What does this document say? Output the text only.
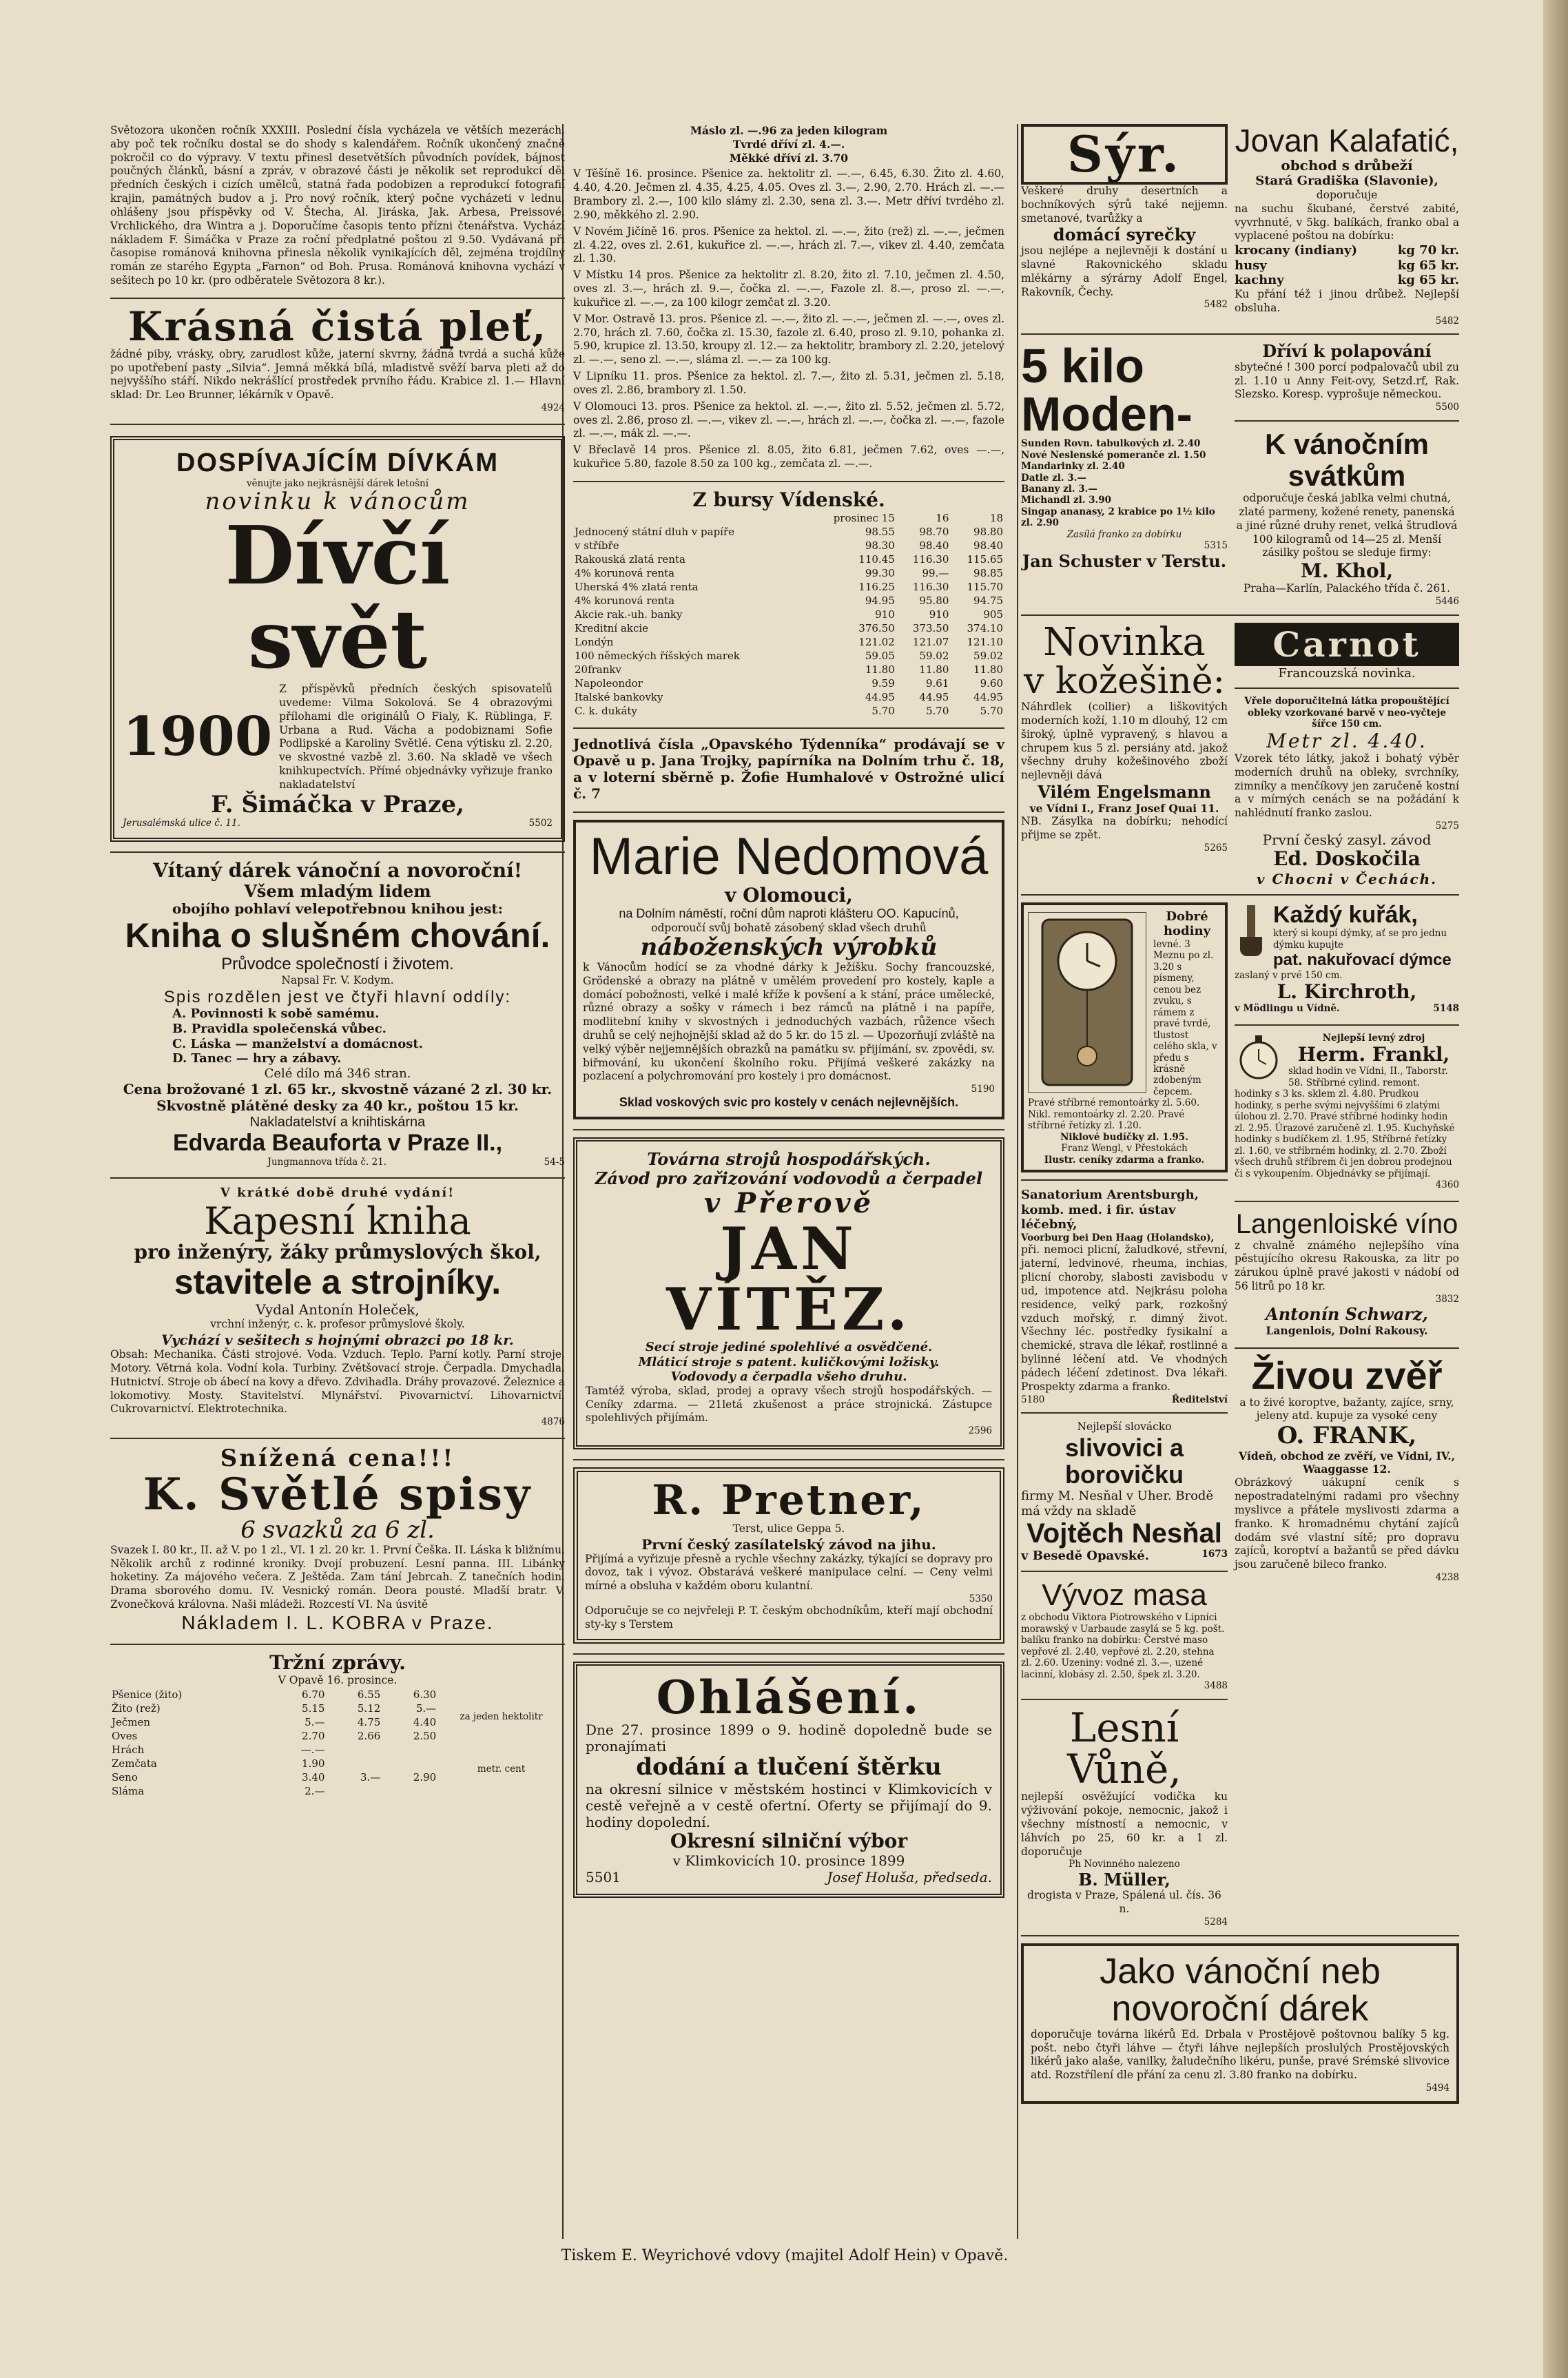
Světozora ukončen ročník XXXIII. Poslední čísla vycházela ve větších mezerách, aby poč tek ročníku dostal se do shody s kalendářem. Ročník ukončený značně pokročil co do výpravy. V textu přinesl desetvětších původních povídek, bájnost poučných článků, básní a zpráv, v obrazové části je několik set reprodukcí děl předních českých i cizích umělců, statná řada podobizen a reprodukcí fotografií krajin, památných budov a j. Pro nový ročník, který počne vycházeti v lednu, ohlášeny jsou příspěvky od V. Štecha, Al. Jiráska, Jak. Arbesa, Preissové, Vrchlického, dra Wintra a j. Doporučíme časopis tento přízni čtenářstva. Vychází nákladem F. Šimáčka v Praze za roční předplatné poštou zl 9.50. Vydávaná při časopise románová knihovna přinesla několik vynikajících děl, zejména trojdílný román ze starého Egypta „Farnon“ od Boh. Prusa. Románová knihovna vychází v sešitech po 10 kr. (pro odběratele Světozora 8 kr.).
Krásná čistá pleť,
žádné piby, vrásky, obry, zarudlost kůže, jaterní skvrny, žádná tvrdá a suchá kůže po upotřebení pasty „Silvia“. Jemná měkká bílá, mladistvě svěží barva pleti až do nejvyššího stáří. Nikdo nekrášlící prostředek prvního řádu. Krabice zl. 1.— Hlavní sklad: Dr. Leo Brunner, lékárník v Opavě.
4924
DOSPÍVAJÍCÍM DÍVKÁM
věnujte jako nejkrásnější dárek letošní
novinku k vánocům
Dívčí svět
1900
Z příspěvků předních českých spisovatelů uvedeme: Vilma Sokolová. Se 4 obrazovými přílohami dle originálů O Fialy, K. Rüblinga, F. Urbana a Rud. Vácha a podobiznami Sofie Podlipské a Karoliny Světlé. Cena výtisku zl. 2.20, ve skvostné vazbě zl. 3.60. Na skladě ve všech knihkupectvích. Přímé objednávky vyřizuje franko nakladatelství
F. Šimáčka v Praze,
Jerusalémská ulice č. 11.	5502
Vítaný dárek vánoční a novoroční!
Všem mladým lidem
obojího pohlaví velepotřebnou knihou jest:
Kniha o slušném chování.
Průvodce společností i životem.
Napsal Fr. V. Kodym.
Spis rozdělen jest ve čtyři hlavní oddíly:
A. Povinnosti k sobě samému.
B. Pravidla společenská vůbec.
C. Láska — manželství a domácnost.
D. Tanec — hry a zábavy.
Celé dílo má 346 stran.
Cena brožované 1 zl. 65 kr., skvostně vázané 2 zl. 30 kr. Skvostně plátěné desky za 40 kr., poštou 15 kr.
Nakladatelství a knihtiskárna
Edvarda Beauforta v Praze II.,
Jungmannova třída č. 21.	54-5
V krátké době druhé vydání!
Kapesní kniha
pro inženýry, žáky průmyslových škol,
stavitele a strojníky.
Vydal Antonín Holeček,
vrchní inženýr, c. k. profesor průmyslové školy.
Vychází v sešitech s hojnými obrazci po 18 kr.
Obsah: Mechanika. Části strojové. Voda. Vzduch. Teplo. Parní kotly. Parní stroje. Motory. Větrná kola. Vodní kola. Turbiny. Zvětšovací stroje. Čerpadla. Dmychadla. Hutnictví. Stroje ob ábecí na kovy a dřevo. Zdvihadla. Dráhy provazové. Železnice a lokomotivy. Mosty. Stavitelství. Mlynářství. Pivovarnictví. Lihovarnictví. Cukrovarnictví. Elektrotechnika.
4876
Snížená cena!!!
K. Světlé spisy
6 svazků za 6 zl.
Svazek I. 80 kr., II. až V. po 1 zl., VI. 1 zl. 20 kr. 1. První Češka. II. Láska k bližnímu. Několik archů z rodinné kroniky. Dvojí probuzení. Lesní panna. III. Libánky hoketiny. Za májového večera. Z Ještěda. Zam tání Jebrcah. Z tanečních hodin. Drama sborového domu. IV. Vesnický román. Deora pousté. Mladší bratr. V. Zvonečková královna. Naši mládeži. Rozcestí VI. Na úsvitě
Nákladem I. L. KOBRA v Praze.
Tržní zprávy.
V Opavě 16. prosince.
Pšenice (žito)	6.70	6.55	6.30
Žito (rež)	5.15	5.12	5.—
Ječmen	5.—	4.75	4.40
Oves	2.70	2.66	2.50
Hrách	—.—		
Zemčata	1.90		
Seno	3.40	3.—	2.90
Sláma	2.—		
za jeden hektolitr
metr. cent
Máslo zl. —.96 za jeden kilogram
Tvrdé dříví zl. 4.—.
Měkké dříví zl. 3.70
V Těšíně 16. prosince. Pšenice za. hektolitr zl. —.—, 6.45, 6.30. Žito zl. 4.60, 4.40, 4.20. Ječmen zl. 4.35, 4.25, 4.05. Oves zl. 3.—, 2.90, 2.70. Hrách zl. —.— Brambory zl. 2.—, 100 kilo slámy zl. 2.30, sena zl. 3.—. Metr dříví tvrdého zl. 2.90, měkkého zl. 2.90.
V Novém Jičíně 16. pros. Pšenice za hektol. zl. —.—, žito (rež) zl. —.—, ječmen zl. 4.22, oves zl. 2.61, kukuřice zl. —.—, hrách zl. 7.—, vikev zl. 4.40, zemčata zl. 1.30.
V Místku 14 pros. Pšenice za hektolitr zl. 8.20, žito zl. 7.10, ječmen zl. 4.50, oves zl. 3.—, hrách zl. 9.—, čočka zl. —.—, Fazole zl. 8.—, proso zl. —.—, kukuřice zl. —.—, za 100 kilogr zemčat zl. 3.20.
V Mor. Ostravě 13. pros. Pšenice zl. —.—, žito zl. —.—, ječmen zl. —.—, oves zl. 2.70, hrách zl. 7.60, čočka zl. 15.30, fazole zl. 6.40, proso zl. 9.10, pohanka zl. 5.90, krupice zl. 13.50, kroupy zl. 12.— za hektolitr, brambory zl. 2.20, jetelový zl. —.—, seno zl. —.—, sláma zl. —.— za 100 kg.
V Lipníku 11. pros. Pšenice za hektol. zl. 7.—, žito zl. 5.31, ječmen zl. 5.18, oves zl. 2.86, brambory zl. 1.50.
V Olomouci 13. pros. Pšenice za hektol. zl. —.—, žito zl. 5.52, ječmen zl. 5.72, oves zl. 2.86, proso zl. —.—, vikev zl. —.—, hrách zl. —.—, čočka zl. —.—, fazole zl. —.—, mák zl. —.—.
V Břeclavě 14 pros. Pšenice zl. 8.05, žito 6.81, ječmen 7.62, oves —.—, kukuřice 5.80, fazole 8.50 za 100 kg., zemčata zl. —.—.
Z bursy Vídenské.
	prosinec 15	16	18
Jednocený státní dluh v papíře	98.55	98.70	98.80
v stříbře	98.30	98.40	98.40
Rakouská zlatá renta	110.45	116.30	115.65
4% korunová renta	99.30	99.—	98.85
Uherská 4% zlatá renta	116.25	116.30	115.70
4% korunová renta	94.95	95.80	94.75
Akcie rak.-uh. banky	910	910	905
Kreditní akcie	376.50	373.50	374.10
Londýn	121.02	121.07	121.10
100 německých říšských marek	59.05	59.02	59.02
20frankv	11.80	11.80	11.80
Napoleondor	9.59	9.61	9.60
Italské bankovky	44.95	44.95	44.95
C. k. dukáty	5.70	5.70	5.70
Jednotlivá čísla „Opavského Týdenníka“ prodávají se v Opavě u p. Jana Trojky, papírníka na Dolním trhu č. 18, a v loterní sběrně p. Žofie Humhalové v Ostrožné ulicí č. 7
Marie Nedomová
v Olomouci,
na Dolním náměstí, roční dům naproti klášteru OO. Kapucínů,
odporoučí svůj bohatě zásobený sklad všech druhů
náboženských výrobků
k Vánocům hodící se za vhodné dárky k Ježíšku. Sochy francouzské, Grödenské a obrazy na plátně v umělém provedení pro kostely, kaple a domácí pobožnosti, velké i malé kříže k povšení a k stání, práce umělecké, různé obrazy a sošky v rámech i bez rámců na plátně i na papíře, modlitební knihy v skvostných i jednoduchých vazbách, růžence všech druhů se celý nejhojnější sklad až do 5 kr. do 15 zl. — Upozorňují zvláště na velký výběr nejjemnějších obrazků na památku sv. přijímání, sv. zpovědi, sv. biřmování, ku ukončení školního roku. Přijímá veškeré zakázky na pozlacení a polychromování pro kostely i pro domácnost.
5190
Sklad voskových svic pro kostely v cenách nejlevnějších.
Továrna strojů hospodářských.
Závod pro zařizování vodovodů a čerpadel
v Přerově
JAN VÍTĚZ.
Secí stroje jediné spolehlivé a osvědčené.
Mláticí stroje s patent. kuličkovými ložisky.
Vodovody a čerpadla všeho druhu.
Tamtéž výroba, sklad, prodej a opravy všech strojů hospodářských. — Ceníky zdarma. — 21letá zkušenost a práce strojnická. Zástupce spolehlivých přijímám.
2596
R. Pretner,
Terst, ulice Geppa 5.
První český zasílatelský závod na jihu.
Přijímá a vyřizuje přesně a rychle všechny zakázky, týkající se dopravy pro dovoz, tak i vývoz. Obstarává veškeré manipulace celní. — Ceny velmi mírné a obsluha v každém oboru kulantní.
5350
Odporučuje se co nejvřeleji P. T. českým obchodníkům, kteří mají obchodní sty-ky s Terstem
Ohlášení.
Dne 27. prosince 1899 o 9. hodině dopoledně bude se pronajímati
dodání a tlučení štěrku
na okresní silnice v městském hostinci v Klimkovicích v cestě veřejně a v cestě ofertní. Oferty se přijímají do 9. hodiny dopolední.
Okresní silniční výbor
v Klimkovicích 10. prosince 1899
5501	Josef Holuša, předseda.
Sýr.
Veškeré druhy desertních a bochníkových sýrů také nejjemn. smetanové, tvarůžky a
domácí syrečky
jsou nejlépe a nejlevněji k dostání u slavné Rakovnického skladu mlékárny a sýrárny Adolf Engel, Rakovník, Čechy.
5482
Jovan Kalafatić,
obchod s drůbeží
Stará Gradiška (Slavonie),
doporučuje
na suchu škubané, čerstvé zabité, vyvrhnuté, v 5kg. balíkách, franko obal a vyplacené poštou na dobírku:
krocany (indiany)	kg 70 kr.
husy	kg 65 kr.
kachny	kg 65 kr.
Ku přání též i jinou drůbež. Nejlepší obsluha.
5482
5 kilo Moden-
Sunden Rovn. tabulkových zl. 2.40
Nové Neslenské pomeranče zl. 1.50
Mandarinky zl. 2.40
Datle zl. 3.—
Banany zl. 3.—
Michandl zl. 3.90
Singap ananasy, 2 krabice po 1½ kilo zl. 2.90
Zasílá franko za dobírku
5315
Jan Schuster v Terstu.
Dříví k polapování
sbytečné ! 300 porcí podpalovačů ubil zu zl. 1.10 u Anny Feit-ovy, Setzd.rf, Rak. Slezsko. Koresp. vyprošuje německou.
5500
K vánočním svátkům
odporučuje česká jablka velmi chutná, zlaté parmeny, kožené renety, panenská a jiné různé druhy renet, velká štrudlová 100 kilogramů od 14—25 zl. Menší zásilky poštou se sleduje firmy:
M. Khol,
Praha—Karlín, Palackého třída č. 261.
5446
Novinka
v kožešině:
Náhrdlek (collier) a liškovitých moderních koží, 1.10 m dlouhý, 12 cm široký, úplně vypravený, s hlavou a chrupem kus 5 zl. persiány atd. jakož všechny druhy kožešinového zboží nejlevněji dává
Vilém Engelsmann
ve Vídni I., Franz Josef Quai 11.
NB. Zásylka na dobírku; nehodící přijme se zpět.
5265
Carnot
Francouzská novinka.
Vřele doporučitelná látka propouštějící obleky vzorkované barvě v neo-vyčteje šířce 150 cm.
Metr zl. 4.40.
Vzorek této látky, jakož i bohatý výběr moderních druhů na obleky, svrchníky, zimníky a menčíkovy jen zaručeně kostní a v mírných cenách se na požádání k nahlédnutí franko zaslou.
5275
První český zasyl. závod
Ed. Doskočila
v Chocni v Čechách.
Dobré hodiny
levné. 3 Meznu po zl. 3.20 s písmeny, cenou bez zvuku, s rámem z pravé tvrdé, tlustost celého skla, v předu s krásně zdobeným čepcem. Pravé stříbrné remontoárky zl. 5.60. Nikl. remontoárky zl. 2.20. Pravé stříbrné řetízky zl. 1.20.
Niklové budíčky zl. 1.95.
Franz Wengl, v Přestokách
Ilustr. ceníky zdarma a franko.
Sanatorium Arentsburgh,
komb. med. i fir. ústav léčebný,
Voorburg bei Den Haag (Holandsko),
při. nemoci plicní, žaludkové, střevní, jaterní, ledvinové, rheuma, inchias, plicní choroby, slabosti zavisbodu v ud, impotence atd. Nejkrásu poloha residence, velký park, rozkošný vzduch mořský, r. dimný život. Všechny léc. postředky fysikalní a chemické, strava dle lékař, rostlinné a bylinné léčení atd. Ve vhodných pádech léčení zdetinost. Dva lékaři. Prospekty zdarma a franko.
5180	Ředitelství
Nejlepší slovácko
slivovici a borovičku
firmy M. Nesňal v Uher. Brodě má vždy na skladě
Vojtěch Nesňal
v Besedě Opavské.	1673
Vývoz masa
z obchodu Viktora Piotrowského v Lipníci morawský v Uarbaude zasylá se 5 kg. pošt. balíku franko na dobírku: Čerstvé maso vepřové zl. 2.40, vepřové zl. 2.20, stehna zl. 2.60. Uzeniny: vodné zl. 3.—, uzené lacinní, klobásy zl. 2.50, špek zl. 3.20.
3488
Lesní Vůně,
nejlepší osvěžující vodička ku výživování pokoje, nemocnic, jakož i všechny místností a nemocnic, v láhvích po 25, 60 kr. a 1 zl. doporučuje
Ph Novinného nalezeno
B. Müller,
drogista v Praze, Spálená ul. čís. 36 n.
5284
Každý kuřák,
který si koupí dýmky, ať se pro jednu dýmku kupujte
pat. nakuřovací dýmce
zaslaný v prvé 150 cm.
L. Kirchroth,
v Mödlingu u Vídně.	5148
Nejlepší levný zdroj
Herm. Frankl,
sklad hodin ve Vídni, II., Taborstr. 58. Stříbrné cylind. remont. hodinky s 3 ks. sklem zl. 4.80. Prudkou hodinky, s perhe svými nejvyššími 6 zlatými úlohou zl. 2.70. Pravé stříbrné hodinky hodin zl. 2.95. Úrazové zaručeně zl. 1.95. Kuchyňské hodinky s budíčkem zl. 1.95, Stříbrné řetízky zl. 1.60, ve stříbrném hodinky, zl. 2.70. Zboží všech druhů stříbrem či jen dobrou prodejnou či s vykoupením. Objednávky se přijímají.
4360
Langenloiské víno
z chvalně známého nejlepšího vína pěstujícího okresu Rakouska, za litr po zárukou úplně pravé jakosti v nádobí od 56 litrů po 18 kr.
3832
Antonín Schwarz,
Langenlois, Dolní Rakousy.
Živou zvěř
a to živé koroptve, bažanty, zajíce, srny, jeleny atd. kupuje za vysoké ceny
O. FRANK,
Vídeň, obchod ze zvěří, ve Vídni, IV., Waaggasse 12.
Obrázkový uákupní ceník s nepostradatelnými radami pro všechny myslivce a přátele myslivosti zdarma a franko. K hromadnému chytání zajíců dodám své vlastní sítě; pro dopravu zajíců, koroptví a bažantů se před dávku jsou zaručeně bileco franko.
4238
Jako vánoční neb novoroční dárek
doporučuje továrna likérů Ed. Drbala v Prostějově poštovnou balíky 5 kg. pošt. nebo čtyři láhve — čtyři láhve nejlepších proslulých Prostějovských likérů jako alaše, vanilky, žaludečního likéru, punše, pravé Srémské slivovice atd. Rozstřílení dle přání za cenu zl. 3.80 franko na dobírku.
5494
Tiskem E. Weyrichové vdovy (majitel Adolf Hein) v Opavě.
